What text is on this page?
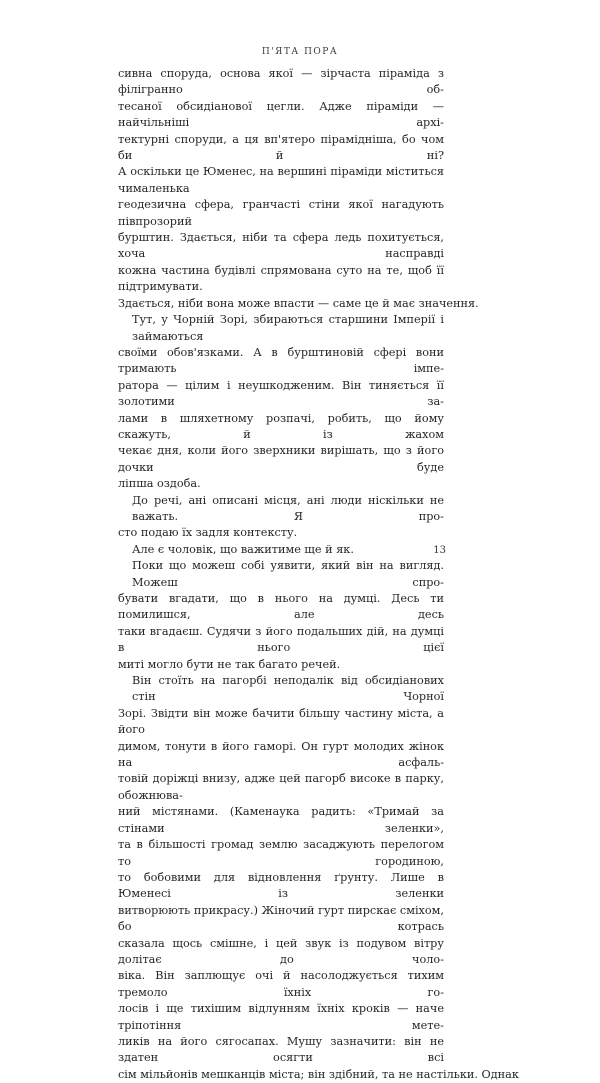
П'ЯТА ПОРА
сивна споруда, основа якої — зірчаста піраміда з філігранно об-
тесаної обсидіанової цегли. Адже піраміди — найчільніші архі-
тектурні споруди, а ця вп'ятеро пірамідніша, бо чом би й ні?
А оскільки це Юменес, на вершині піраміди міститься чималенька
геодезична сфера, гранчасті стіни якої нагадують півпрозорий
бурштин. Здається, ніби та сфера ледь похитується, хоча насправді
кожна частина будівлі спрямована суто на те, щоб її підтримувати.
Здається, ніби вона може впасти — саме це й має значення.
Тут, у Чорній Зорі, збираються старшини Імперії і займаються
своїми обов'язками. А в бурштиновій сфері вони тримають імпе-
ратора — цілим і неушкодженим. Він тиняється її золотими за-
лами в шляхетному розпачі, робить, що йому скажуть, й із жахом
чекає дня, коли його зверхники вирішать, що з його дочки буде
ліпша оздоба.
До речі, ані описані місця, ані люди ніскільки не важать. Я про-
сто подаю їх задля контексту.
Але є чоловік, що важитиме ще й як.
Поки що можеш собі уявити, який він на вигляд. Можеш спро-
бувати вгадати, що в нього на думці. Десь ти помилишся, але десь
таки вгадаєш. Судячи з його подальших дій, на думці в нього цієї
миті могло бути не так багато речей.
Він стоїть на пагорбі неподалік від обсидіанових стін Чорної
Зорі. Звідти він може бачити більшу частину міста, а його
димом, тонути в його гаморі. Он гурт молодих жінок на асфаль-
товій доріжці внизу, адже цей пагорб високе в парку, обожнюва-
ний містянами. (Каменаука радить: «Тримай за стінами зеленки»,
та в більшості громад землю засаджують перелогом то городиною,
то бобовими для відновлення ґрунту. Лише в Юменесі із зеленки
витворюють прикрасу.) Жіночий гурт пирскає сміхом, бо котрась
сказала щось смішне, і цей звук із подувом вітру долітає до чоло-
віка. Він заплющує очі й насолоджується тихим тремоло їхніх го-
лосів і ще тихішим відлунням їхніх кроків — наче тріпотіння мете-
ликів на його сягосапах. Мушу зазначити: він не здатен осягти всі
сім мільйонів мешканців міста; він здібний, та не настільки. Однак
13
